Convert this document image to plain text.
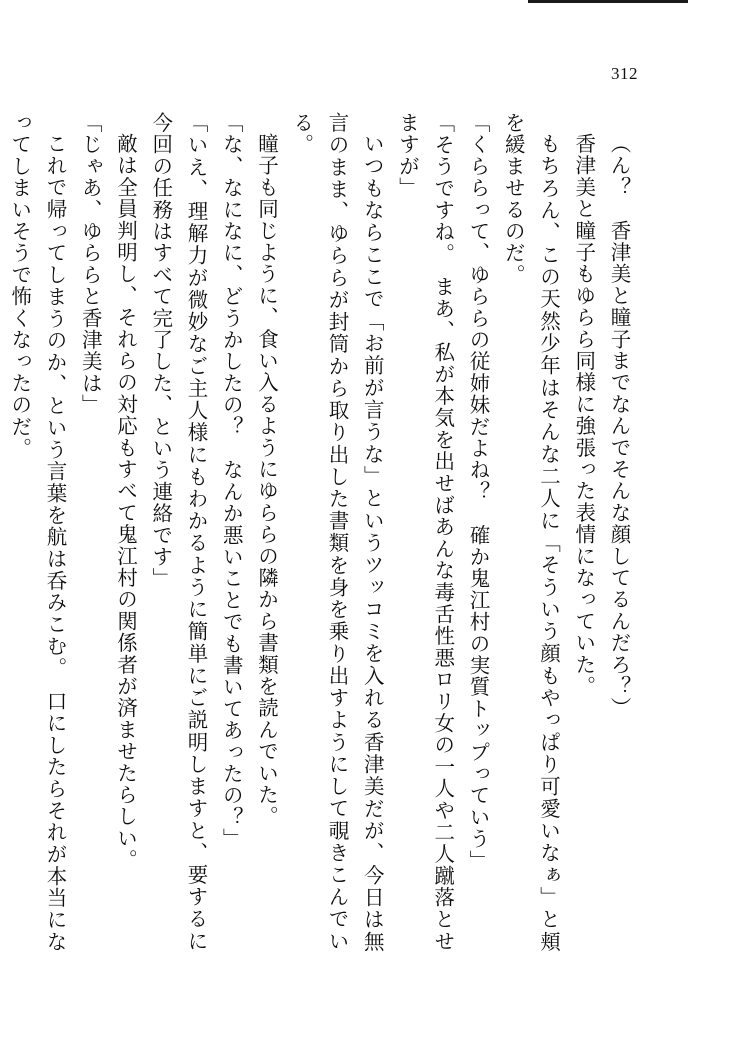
312

（ん？　香津美と瞳子までなんでそんな顔してるんだろ？）

香津美と瞳子もゆらら同様に強張った表情になっていた。

もちろん、この天然少年はそんな二人に「そういう顔もやっぱり可愛いなぁ」と頬を緩ませるのだ。

「くららって、ゆららの従姉妹だよね？　確か鬼江村の実質トップっていう」

「そうですね。　まあ、私が本気を出せばあんな毒舌性悪ロリ女の一人や二人蹴落とせますが」

いつもならここで「お前が言うな」というツッコミを入れる香津美だが、今日は無言のまま、ゆららが封筒から取り出した書類を身を乗り出すようにして覗きこんでいる。

瞳子も同じように、食い入るようにゆららの隣から書類を読んでいた。

「な、なになに、どうかしたの？　なんか悪いことでも書いてあったの？」

「いえ、理解力が微妙なご主人様にもわかるように簡単にご説明しますと、要するに今回の任務はすべて完了した、という連絡です」

敵は全員判明し、それらの対応もすべて鬼江村の関係者が済ませたらしい。

「じゃあ、ゆららと香津美は」

これで帰ってしまうのか、という言葉を航は呑みこむ。　口にしたらそれが本当になってしまいそうで怖くなったのだ。
